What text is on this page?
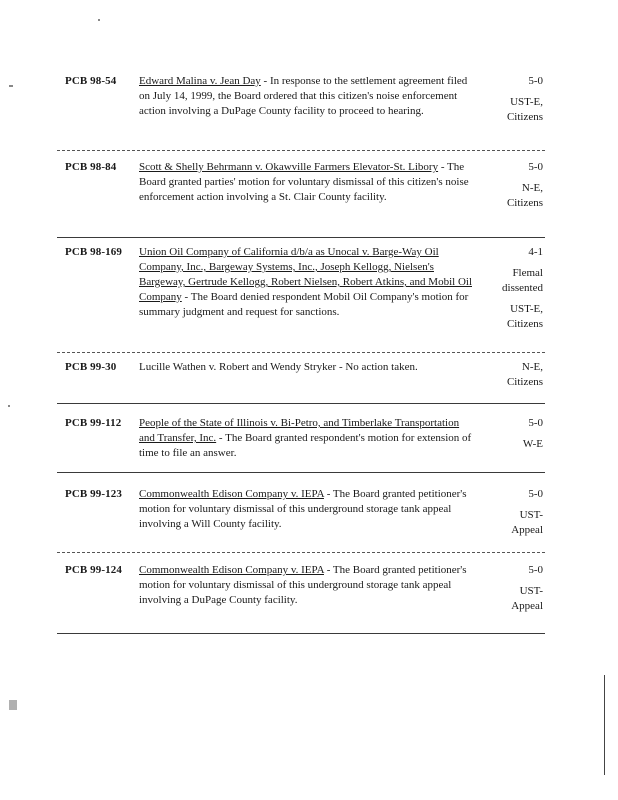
PCB 98-54 Edward Malina v. Jean Day - In response to the settlement agreement filed on July 14, 1999, the Board ordered that this citizen's noise enforcement action involving a DuPage County facility to proceed to hearing.
5-0
UST-E,
Citizens
PCB 98-84 Scott & Shelly Behrmann v. Okawville Farmers Elevator-St. Libory - The Board granted parties' motion for voluntary dismissal of this citizen's noise enforcement action involving a St. Clair County facility.
5-0
N-E,
Citizens
PCB 98-169 Union Oil Company of California d/b/a as Unocal v. Barge-Way Oil Company, Inc., Bargeway Systems, Inc., Joseph Kellogg, Nielsen's Bargeway, Gertrude Kellogg, Robert Nielsen, Robert Atkins, and Mobil Oil Company - The Board denied respondent Mobil Oil Company's motion for summary judgment and request for sanctions.
4-1
Flemal
dissented
UST-E,
Citizens
PCB 99-30 Lucille Wathen v. Robert and Wendy Stryker - No action taken.	N-E,
Citizens
PCB 99-112 People of the State of Illinois v. Bi-Petro, and Timberlake Transportation and Transfer, Inc. - The Board granted respondent's motion for extension of time to file an answer.
5-0
W-E
PCB 99-123 Commonwealth Edison Company v. IEPA - The Board granted petitioner's motion for voluntary dismissal of this underground storage tank appeal involving a Will County facility.
5-0
UST-
Appeal
PCB 99-124 Commonwealth Edison Company v. IEPA - The Board granted petitioner's motion for voluntary dismissal of this underground storage tank appeal involving a DuPage County facility.
5-0
UST-
Appeal
